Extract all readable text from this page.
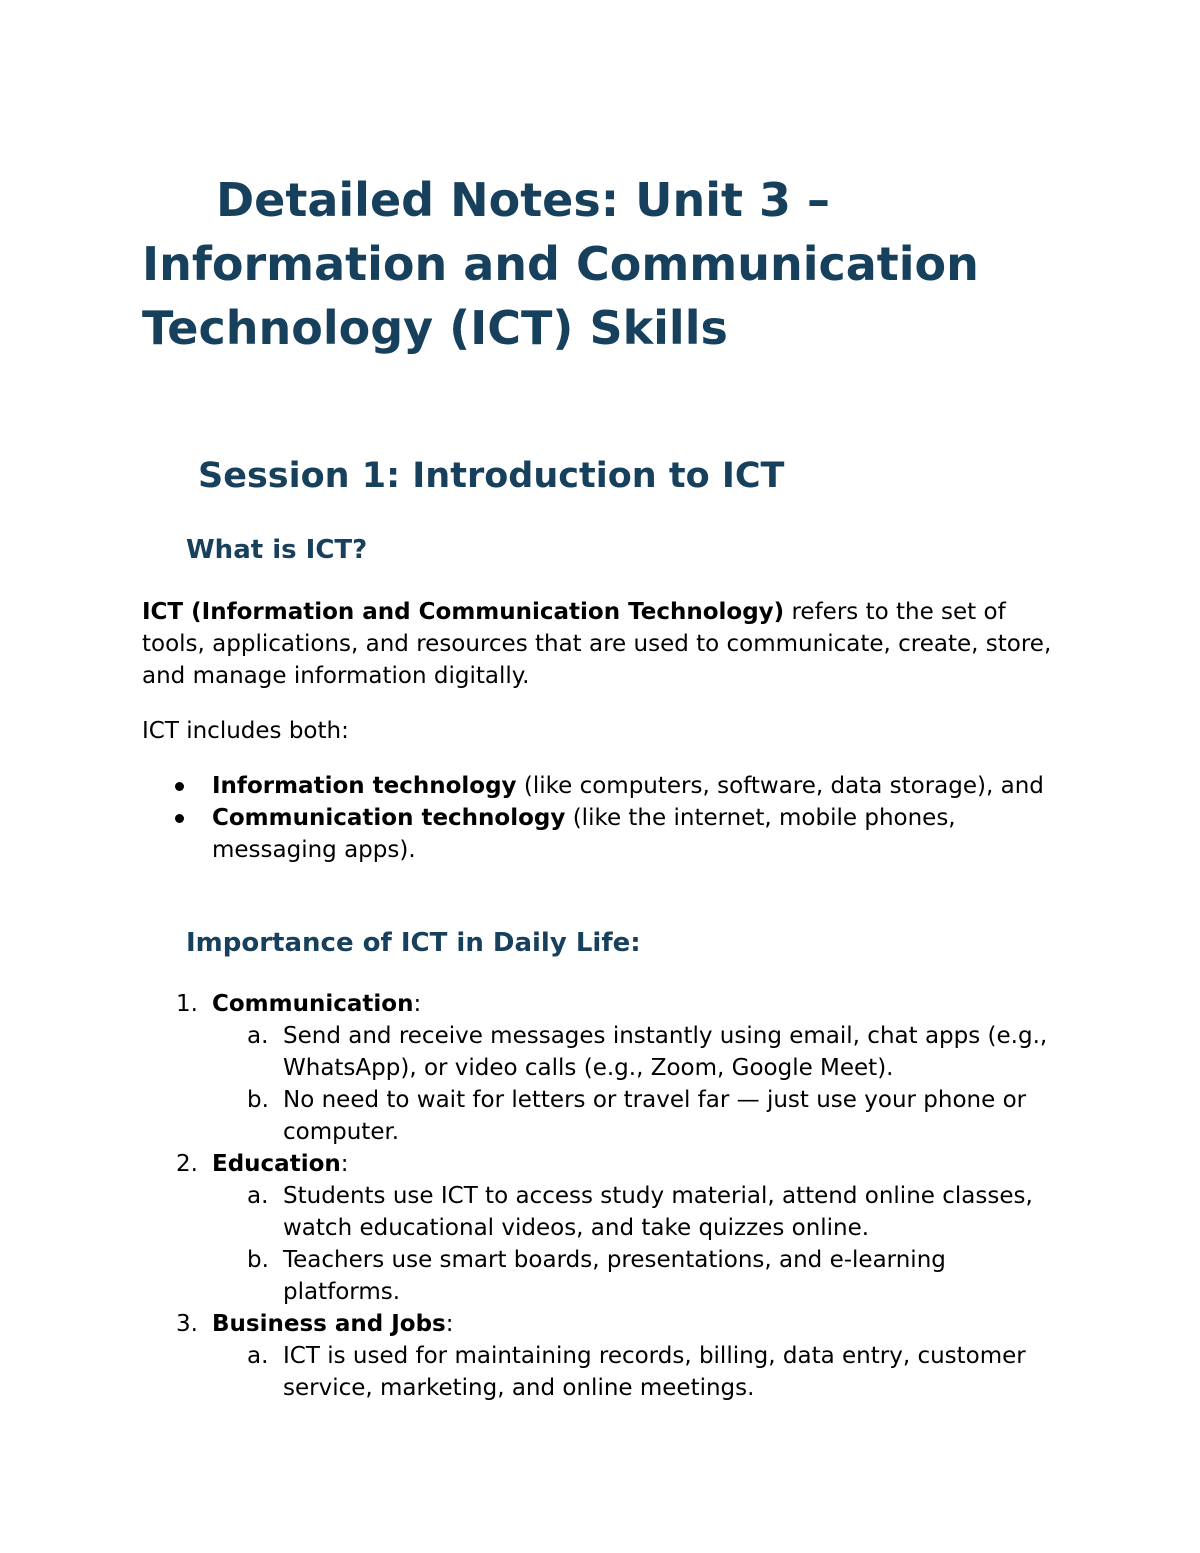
Detailed Notes: Unit 3 – Information and Communication Technology (ICT) Skills
Session 1: Introduction to ICT
What is ICT?

ICT (Information and Communication Technology) refers to the set of tools, applications, and resources that are used to communicate, create, store, and manage information digitally.

ICT includes both:

Information technology (like computers, software, data storage), and
Communication technology (like the internet, mobile phones, messaging apps).
Importance of ICT in Daily Life:
1. Communication:
a. Send and receive messages instantly using email, chat apps (e.g., WhatsApp), or video calls (e.g., Zoom, Google Meet).
b. No need to wait for letters or travel far — just use your phone or computer.
2. Education:
a. Students use ICT to access study material, attend online classes, watch educational videos, and take quizzes online.
b. Teachers use smart boards, presentations, and e-learning platforms.
3. Business and Jobs:
a. ICT is used for maintaining records, billing, data entry, customer service, marketing, and online meetings.
